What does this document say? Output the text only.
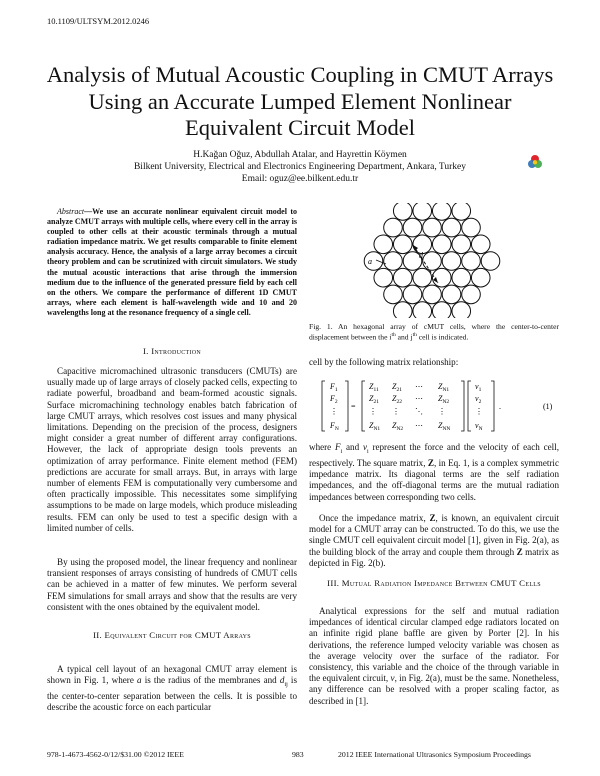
10.1109/ULTSYM.2012.0246
Analysis of Mutual Acoustic Coupling in CMUT Arrays Using an Accurate Lumped Element Nonlinear Equivalent Circuit Model
H.Kağan Oğuz, Abdullah Atalar, and Hayrettin Köymen
Bilkent University, Electrical and Electronics Engineering Department, Ankara, Turkey
Email: oguz@ee.bilkent.edu.tr
Abstract—We use an accurate nonlinear equivalent circuit model to analyze CMUT arrays with multiple cells, where every cell in the array is coupled to other cells at their acoustic terminals through a mutual radiation impedance matrix. We get results comparable to finite element analysis accuracy. Hence, the analysis of a large array becomes a circuit theory problem and can be scrutinized with circuit simulators. We study the mutual acoustic interactions that arise through the immersion medium due to the influence of the generated pressure field by each cell on the others. We compare the performance of different 1D CMUT arrays, where each element is half-wavelength wide and 10 and 20 wavelengths long at the resonance frequency of a single cell.
a
d
Fig. 1. An hexagonal array of cMUT cells, where the center-to-center displacement between the $i^{th}$ and $j^{th}$ cell is indicated.
I. Introduction
Capacitive micromachined ultrasonic transducers (CMUTs) are usually made up of large arrays of closely packed cells, expecting to radiate powerful, broadband and beam-formed acoustic signals. Surface micromachining technology enables batch fabrication of large CMUT arrays, which resolves cost issues and many physical limitations. Depending on the precision of the process, designers might consider a great number of different array configurations. However, the lack of appropriate design tools prevents an optimization of array performance. Finite element method (FEM) predictions are accurate for small arrays. But, in arrays with large number of elements FEM is computationally very cumbersome and often practically impossible. This necessitates some simplifying assumptions to be made on large models, which produce misleading results. FEM can only be used to test a specific design with a limited number of cells.
By using the proposed model, the linear frequency and nonlinear transient responses of arrays consisting of hundreds of CMUT cells can be achieved in a matter of few minutes. We perform several FEM simulations for small arrays and show that the results are very consistent with the ones obtained by the equivalent model.
II. Equivalent Circuit for CMUT Arrays
A typical cell layout of an hexagonal CMUT array element is shown in Fig. 1, where a is the radius of the membranes and $d_{ij}$ is the center-to-center separation between the cells. It is possible to describe the acoustic force on each particular
cell by the following matrix relationship:
$F_1$
$F_2$
⋮
$F_N$
$Z_{11}$ $Z_{21}$ ⋯ $Z_{N1}$
$Z_{21}$ $Z_{22}$ ⋯ $Z_{N2}$
⋮ ⋮ ⋱ ⋮
$Z_{N1}$ $Z_{N2}$ ⋯ $Z_{NN}$
$v_1$
$v_2$
⋮
$v_N$
=	.	(1)
where $F_i$ and $v_i$ represent the force and the velocity of each cell, respectively. The square matrix, Z, in Eq. 1, is a complex symmetric impedance matrix. Its diagonal terms are the self radiation impedances, and the off-diagonal terms are the mutual radiation impedances between corresponding two cells.
Once the impedance matrix, Z, is known, an equivalent circuit model for a CMUT array can be constructed. To do this, we use the single CMUT cell equivalent circuit model [1], given in Fig. 2(a), as the building block of the array and couple them through Z matrix as depicted in Fig. 2(b).
III. Mutual Radiation Impedance Between CMUT Cells
Analytical expressions for the self and mutual radiation impedances of identical circular clamped edge radiators located on an infinite rigid plane baffle are given by Porter [2]. In his derivations, the reference lumped velocity variable was chosen as the average velocity over the surface of the radiator. For consistency, this variable and the choice of the through variable in the equivalent circuit, v, in Fig. 2(a), must be the same. Nonetheless, any difference can be resolved with a proper scaling factor, as described in [1].
978-1-4673-4562-0/12/$31.00 ©2012 IEEE	983	2012 IEEE International Ultrasonics Symposium Proceedings
